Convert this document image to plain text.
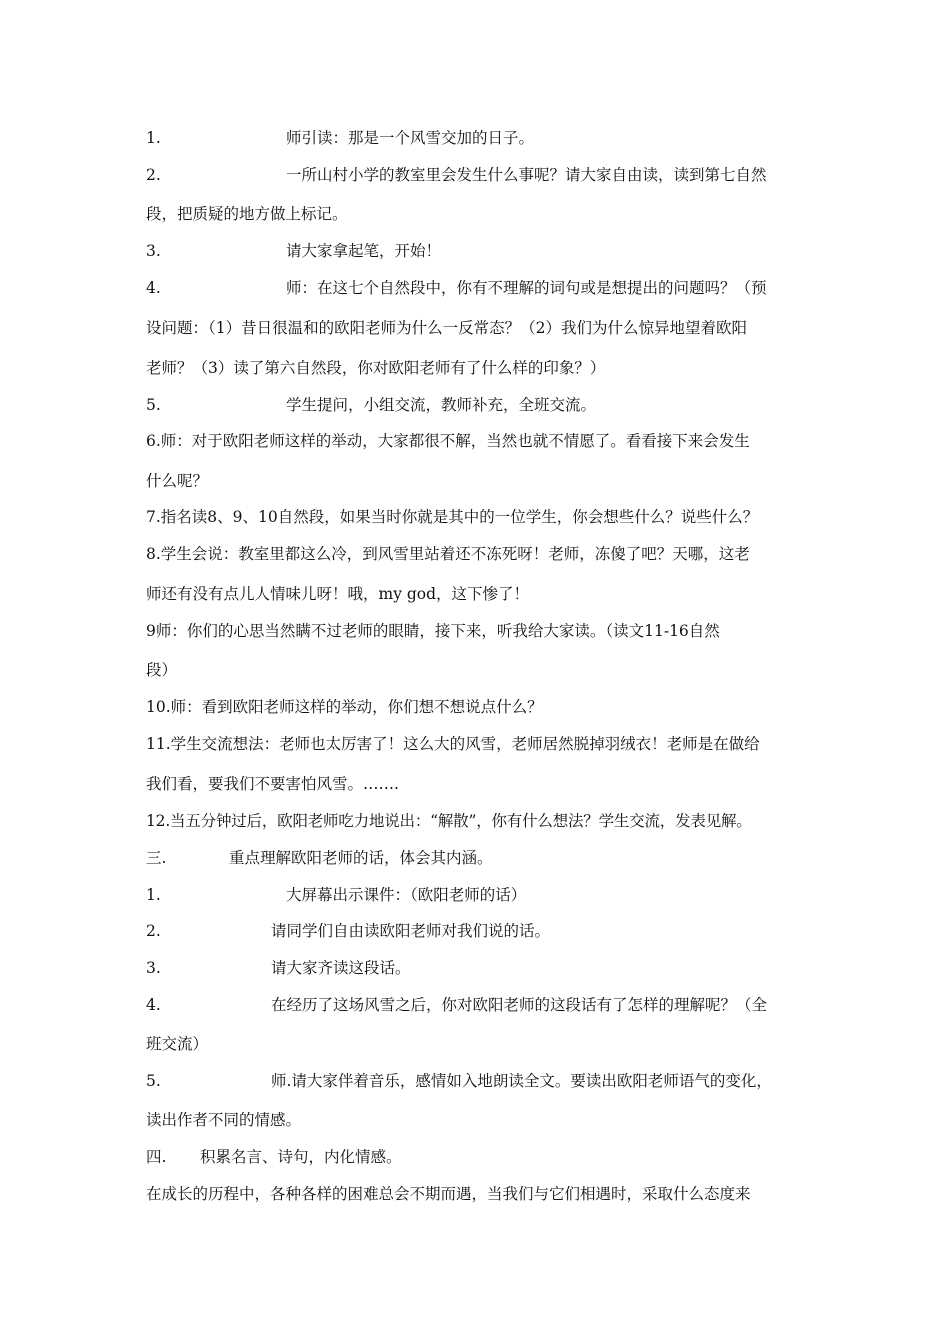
1.	师引读：那是一个风雪交加的日子。
2.	一所山村小学的教室里会发生什么事呢？请大家自由读，读到第七自然
段，把质疑的地方做上标记。
3.	请大家拿起笔，开始！
4.	师：在这七个自然段中，你有不理解的词句或是想提出的问题吗？（预
设问题：（1）昔日很温和的欧阳老师为什么一反常态？（2）我们为什么惊异地望着欧阳
老师？（3）读了第六自然段，你对欧阳老师有了什么样的印象？）
5.	学生提问，小组交流，教师补充，全班交流。
6.师：对于欧阳老师这样的举动，大家都很不解，当然也就不情愿了。看看接下来会发生
什么呢？
7.指名读8、9、10自然段，如果当时你就是其中的一位学生，你会想些什么？说些什么？
8.学生会说：教室里都这么冷，到风雪里站着还不冻死呀！老师，冻傻了吧？天哪，这老
师还有没有点儿人情味儿呀！哦，my god，这下惨了！
9师：你们的心思当然瞒不过老师的眼睛，接下来，听我给大家读。（读文11-16自然
段）
10.师：看到欧阳老师这样的举动，你们想不想说点什么？
11.学生交流想法：老师也太厉害了！这么大的风雪，老师居然脱掉羽绒衣！老师是在做给
我们看，要我们不要害怕风雪。…….
12.当五分钟过后，欧阳老师吃力地说出：“解散”，你有什么想法？学生交流，发表见解。
三.	重点理解欧阳老师的话，体会其内涵。
1.	大屏幕出示课件：（欧阳老师的话）
2.	请同学们自由读欧阳老师对我们说的话。
3.	请大家齐读这段话。
4.	在经历了这场风雪之后，你对欧阳老师的这段话有了怎样的理解呢？（全
班交流）
5.	师.请大家伴着音乐，感情如入地朗读全文。要读出欧阳老师语气的变化，
读出作者不同的情感。
四. 积累名言、诗句，内化情感。
在成长的历程中，各种各样的困难总会不期而遇，当我们与它们相遇时，采取什么态度来
